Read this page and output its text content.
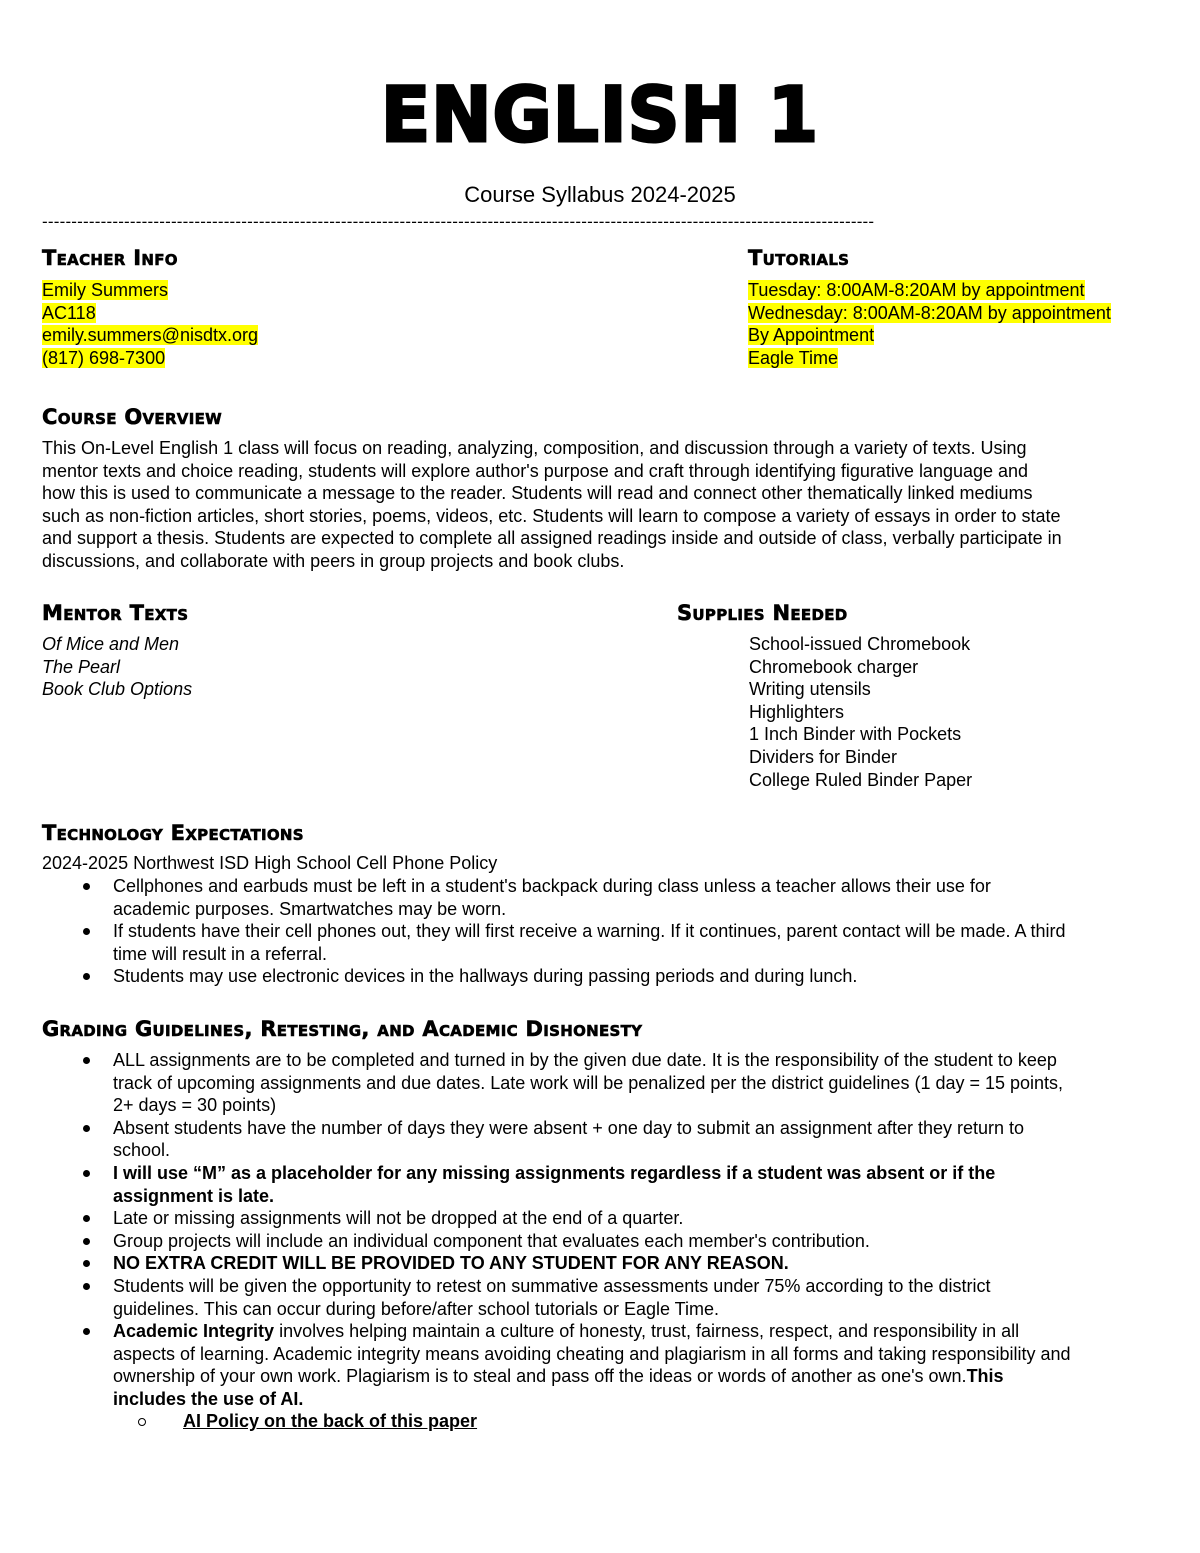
ENGLISH 1
Course Syllabus 2024-2025
----------------------------------------------------------------------------------------------------------------------------------------------
Teacher Info
Emily Summers
AC118
emily.summers@nisdtx.org
(817) 698-7300
Tutorials
Tuesday: 8:00AM-8:20AM by appointment
Wednesday: 8:00AM-8:20AM by appointment
By Appointment
Eagle Time
Course Overview
This On-Level English 1 class will focus on reading, analyzing, composition, and discussion through a variety of texts. Using
mentor texts and choice reading, students will explore author's purpose and craft through identifying figurative language and
how this is used to communicate a message to the reader. Students will read and connect other thematically linked mediums
such as non-fiction articles, short stories, poems, videos, etc. Students will learn to compose a variety of essays in order to state
and support a thesis. Students are expected to complete all assigned readings inside and outside of class, verbally participate in
discussions, and collaborate with peers in group projects and book clubs.
Mentor Texts
Of Mice and Men
The Pearl
Book Club Options
Supplies Needed
School-issued Chromebook
Chromebook charger
Writing utensils
Highlighters
1 Inch Binder with Pockets
Dividers for Binder
College Ruled Binder Paper
Technology Expectations
2024-2025 Northwest ISD High School Cell Phone Policy
Cellphones and earbuds must be left in a student's backpack during class unless a teacher allows their use for
academic purposes. Smartwatches may be worn.
If students have their cell phones out, they will first receive a warning. If it continues, parent contact will be made. A third
time will result in a referral.
Students may use electronic devices in the hallways during passing periods and during lunch.
Grading Guidelines, Retesting, and Academic Dishonesty
ALL assignments are to be completed and turned in by the given due date. It is the responsibility of the student to keep
track of upcoming assignments and due dates. Late work will be penalized per the district guidelines (1 day = 15 points,
2+ days = 30 points)
Absent students have the number of days they were absent + one day to submit an assignment after they return to
school.
I will use “M” as a placeholder for any missing assignments regardless if a student was absent or if the
assignment is late.
Late or missing assignments will not be dropped at the end of a quarter.
Group projects will include an individual component that evaluates each member's contribution.
NO EXTRA CREDIT WILL BE PROVIDED TO ANY STUDENT FOR ANY REASON.
Students will be given the opportunity to retest on summative assessments under 75% according to the district
guidelines. This can occur during before/after school tutorials or Eagle Time.
Academic Integrity involves helping maintain a culture of honesty, trust, fairness, respect, and responsibility in all
aspects of learning. Academic integrity means avoiding cheating and plagiarism in all forms and taking responsibility and
ownership of your own work. Plagiarism is to steal and pass off the ideas or words of another as one's own.This
includes the use of AI.
AI Policy on the back of this paper
